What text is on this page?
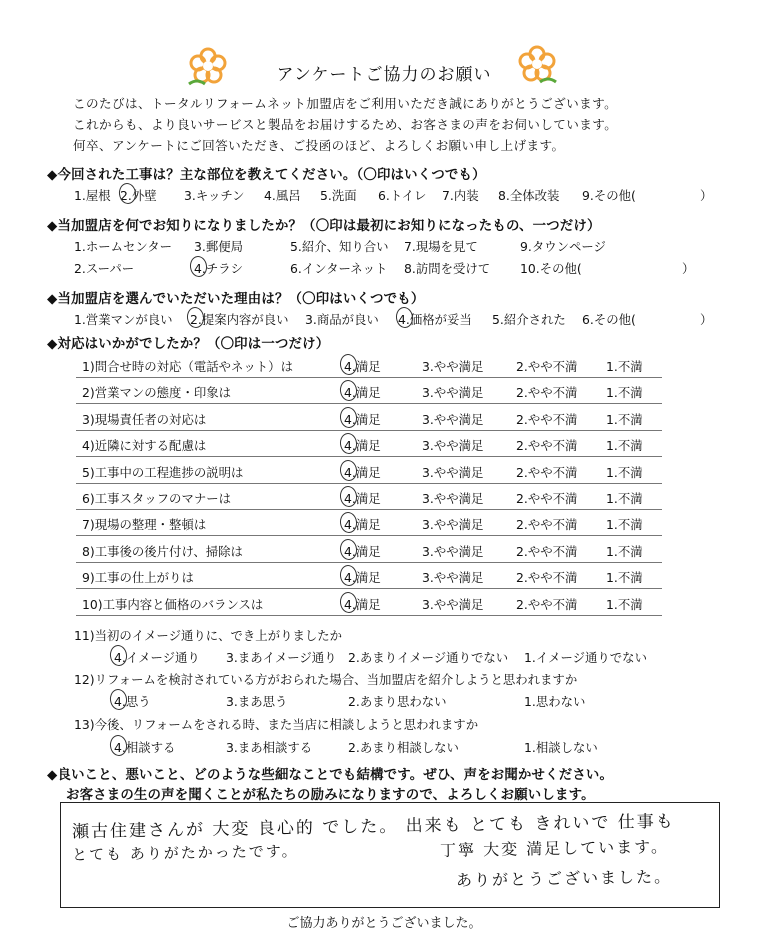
アンケートご協力のお願い
このたびは、トータルリフォームネット加盟店をご利用いただき誠にありがとうございます。
これからも、より良いサービスと製品をお届けするため、お客さまの声をお伺いしています。
何卒、アンケートにご回答いただき、ご投函のほど、よろしくお願い申し上げます。
◆今回された工事は？主な部位を教えてください。（〇印はいくつでも）
1.屋根 2.外壁 3.キッチン 4.風呂 5.洗面 6.トイレ 7.内装 8.全体改装 9.その他(	）
◆当加盟店を何でお知りになりましたか？（〇印は最初にお知りになったもの、一つだけ）
1.ホームセンター 3.郵便局	5.紹介、知り合い 7.現場を見て	9.タウンページ
2.スーパー	4.チラシ	6.インターネット 8.訪問を受けて 10.その他(	）
◆当加盟店を選んでいただいた理由は？（〇印はいくつでも）
1.営業マンが良い 2.提案内容が良い 3.商品が良い 4.価格が妥当 5.紹介された 6.その他(	）
◆対応はいかがでしたか？（〇印は一つだけ）
1)問合せ時の対応（電話やネット）は	4.満足	3.やや満足	2.やや不満 1.不満
2)営業マンの態度・印象は	4.満足	3.やや満足	2.やや不満 1.不満
3)現場責任者の対応は	4.満足	3.やや満足	2.やや不満 1.不満
4)近隣に対する配慮は	4.満足	3.やや満足	2.やや不満 1.不満
5)工事中の工程進捗の説明は	4.満足	3.やや満足	2.やや不満 1.不満
6)工事スタッフのマナーは	4.満足	3.やや満足	2.やや不満 1.不満
7)現場の整理・整頓は	4.満足	3.やや満足	2.やや不満 1.不満
8)工事後の後片付け、掃除は	4.満足	3.やや満足	2.やや不満 1.不満
9)工事の仕上がりは	4.満足	3.やや満足	2.やや不満 1.不満
10)工事内容と価格のバランスは	4.満足	3.やや満足	2.やや不満 1.不満
11)当初のイメージ通りに、でき上がりましたか
4.イメージ通り 3.まあイメージ通り 2.あまりイメージ通りでない 1.イメージ通りでない
12)リフォームを検討されている方がおられた場合、当加盟店を紹介しようと思われますか
4.思う	3.まあ思う	2.あまり思わない	1.思わない
13)今後、リフォームをされる時、また当店に相談しようと思われますか
4.相談する	3.まあ相談する	2.あまり相談しない	1.相談しない
◆良いこと、悪いこと、どのような些細なことでも結構です。ぜひ、声をお聞かせください。
お客さまの生の声を聞くことが私たちの励みになりますので、よろしくお願いします。
瀬古住建さんが 大変 良心的 でした。 出来も とても きれいで 仕事も
とても ありがたかったです。	丁寧 大変 満足しています。
ありがとうございました。
ご協力ありがとうございました。
